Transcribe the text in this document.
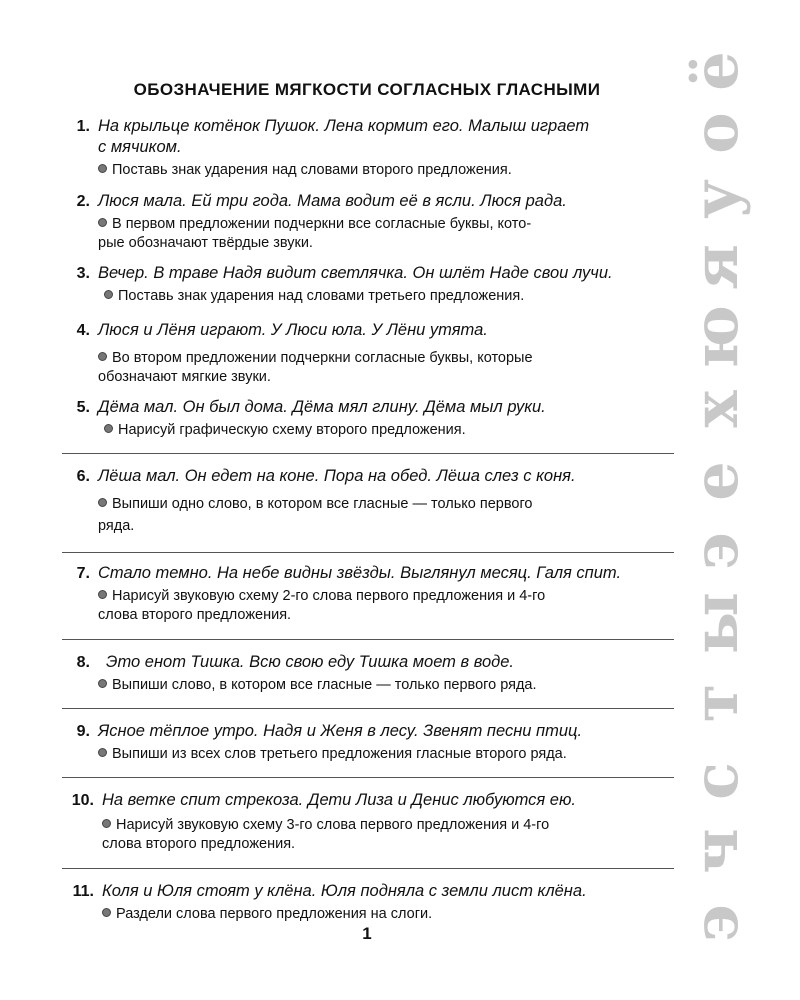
ОБОЗНАЧЕНИЕ МЯГКОСТИ СОГЛАСНЫХ ГЛАСНЫМИ
1. На крыльце котёнок Пушок. Лена кормит его. Малыш играет
с мячиком.
Поставь знак ударения над словами второго предложения.
2. Люся мала. Ей три года. Мама водит её в ясли. Люся рада.
В первом предложении подчеркни все согласные буквы, кото-
рые обозначают твёрдые звуки.
3. Вечер. В траве Надя видит светлячка. Он шлёт Наде свои лучи.
Поставь знак ударения над словами третьего предложения.
4. Люся и Лёня играют. У Люси юла. У Лёни утята.
Во втором предложении подчеркни согласные буквы, которые
обозначают мягкие звуки.
5. Дёма мал. Он был дома. Дёма мял глину. Дёма мыл руки.
Нарисуй графическую схему второго предложения.
6. Лёша мал. Он едет на коне. Пора на обед. Лёша слез с коня.
Выпиши одно слово, в котором все гласные — только первого
ряда.
7. Стало темно. На небе видны звёзды. Выглянул месяц. Галя спит.
Нарисуй звуковую схему 2-го слова первого предложения и 4-го
слова второго предложения.
8. Это енот Тишка. Всю свою еду Тишка моет в воде.
Выпиши слово, в котором все гласные — только первого ряда.
9. Ясное тёплое утро. Надя и Женя в лесу. Звенят песни птиц.
Выпиши из всех слов третьего предложения гласные второго ряда.
10. На ветке спит стрекоза. Дети Лиза и Денис любуются ею.
Нарисуй звуковую схему 3-го слова первого предложения и 4-го
слова второго предложения.
11. Коля и Юля стоят у клёна. Юля подняла с земли лист клёна.
Раздели слова первого предложения на слоги.
1
ё
о
у
я
ю
х
е
э
ы
т
с
ч
э
